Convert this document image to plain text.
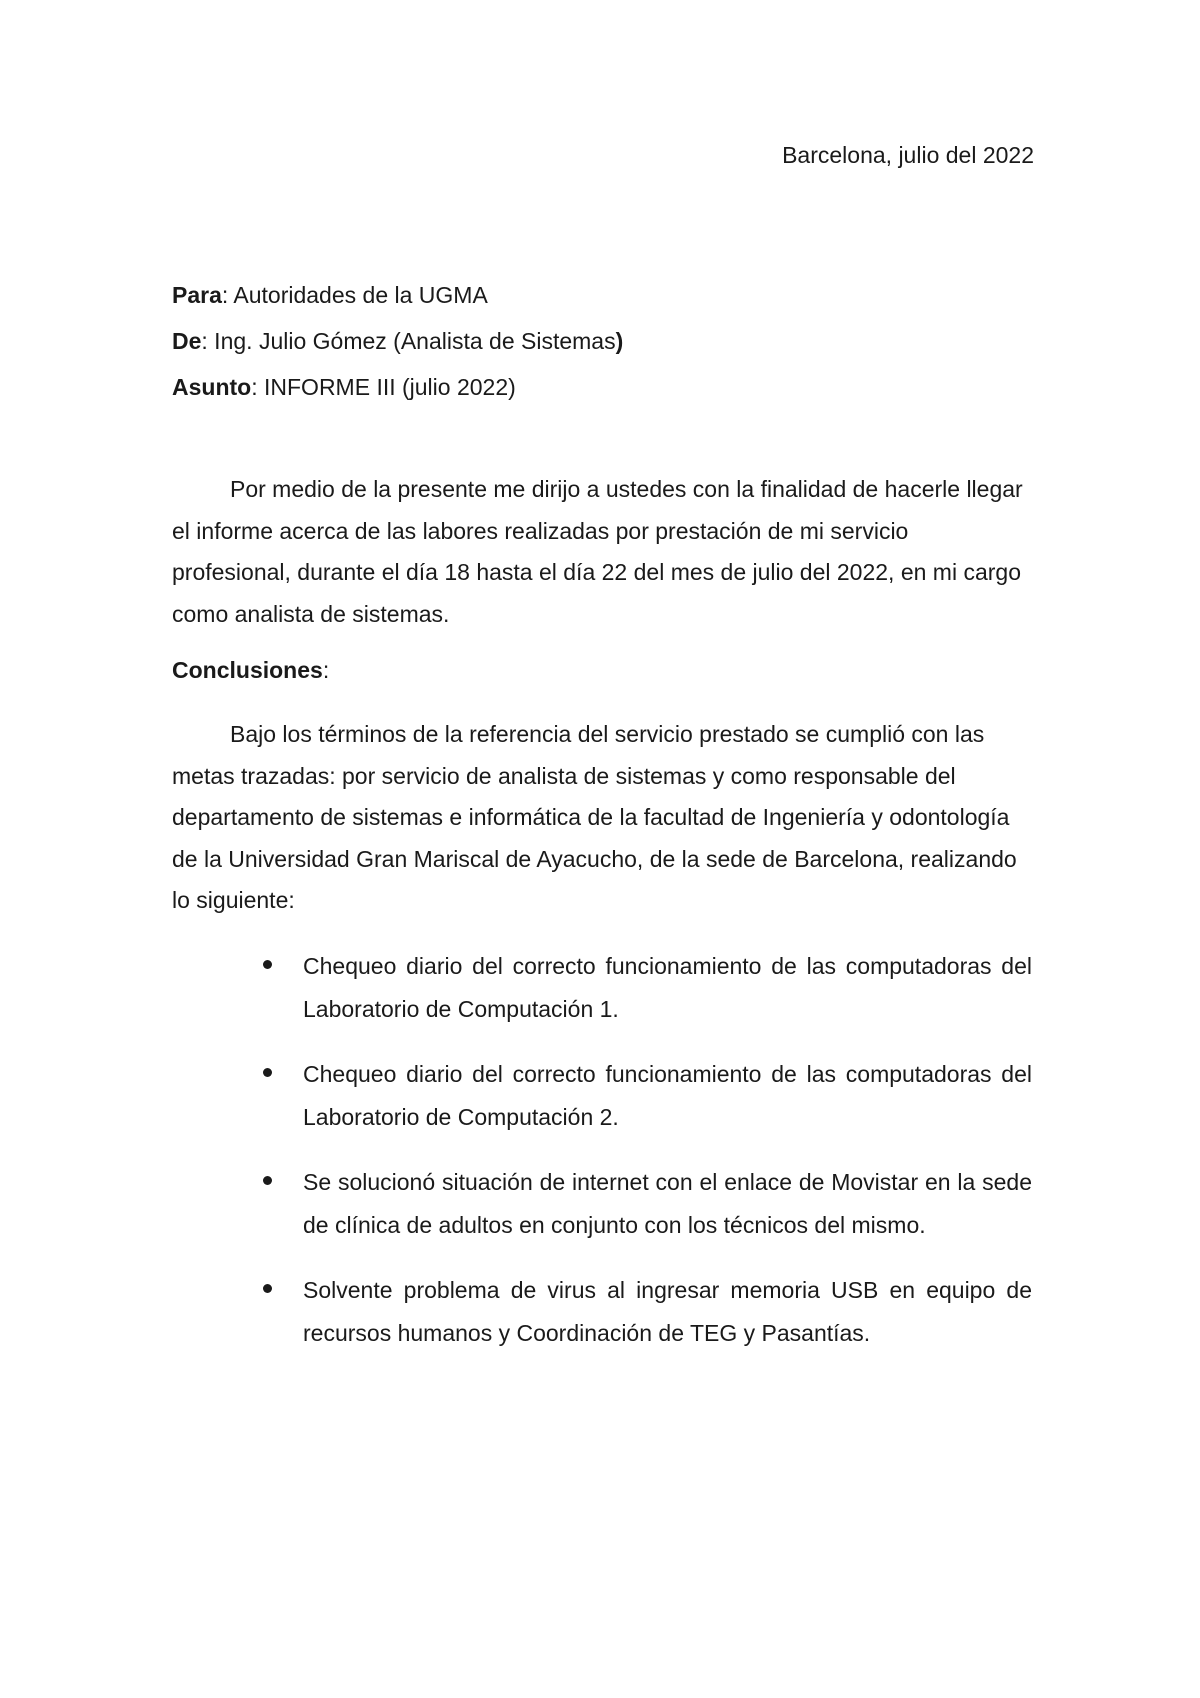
Barcelona, julio del 2022
Para: Autoridades de la UGMA
De: Ing. Julio Gómez (Analista de Sistemas)
Asunto: INFORME III (julio 2022)
Por medio de la presente me dirijo a ustedes con la finalidad de hacerle llegar el informe acerca de las labores realizadas por prestación de mi servicio profesional, durante el día 18 hasta el día 22 del mes de julio del 2022, en mi cargo como analista de sistemas.
Conclusiones:
Bajo los términos de la referencia del servicio prestado se cumplió con las metas trazadas: por servicio de analista de sistemas y como responsable del departamento de sistemas e informática de la facultad de Ingeniería y odontología de la Universidad Gran Mariscal de Ayacucho, de la sede de Barcelona, realizando lo siguiente:
Chequeo diario del correcto funcionamiento de las computadoras del Laboratorio de Computación 1.
Chequeo diario del correcto funcionamiento de las computadoras del Laboratorio de Computación 2.
Se solucionó situación de internet con el enlace de Movistar en la sede de clínica de adultos en conjunto con los técnicos del mismo.
Solvente problema de virus al ingresar memoria USB en equipo de recursos humanos y Coordinación de TEG y Pasantías.
